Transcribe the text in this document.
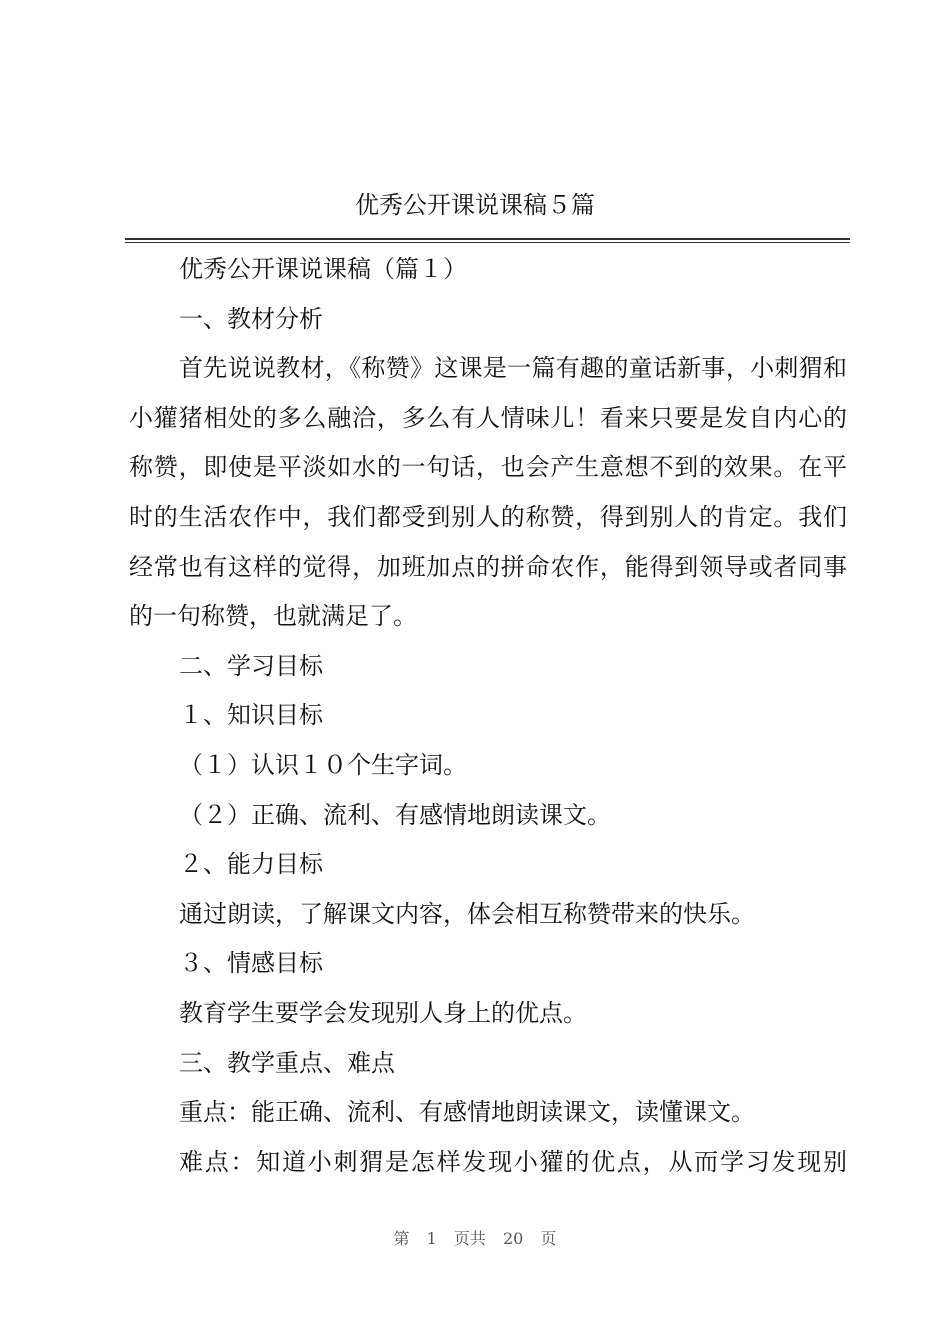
优秀公开课说课稿５篇

优秀公开课说课稿（篇１）

一、教材分析

首先说说教材，《称赞》这课是一篇有趣的童话新事，小刺猬和小獾猪相处的多么融洽，多么有人情味儿！看来只要是发自内心的称赞，即使是平淡如水的一句话，也会产生意想不到的效果。在平时的生活农作中，我们都受到别人的称赞，得到别人的肯定。我们经常也有这样的觉得，加班加点的拼命农作，能得到领导或者同事的一句称赞，也就满足了。

二、学习目标

１、知识目标

（１）认识１０个生字词。

（２）正确、流利、有感情地朗读课文。

２、能力目标

通过朗读，了解课文内容，体会相互称赞带来的快乐。

３、情感目标

教育学生要学会发现别人身上的优点。

三、教学重点、难点

重点：能正确、流利、有感情地朗读课文，读懂课文。

难点：知道小刺猬是怎样发现小獾的优点，从而学习发现别

第 1 页共 20 页
